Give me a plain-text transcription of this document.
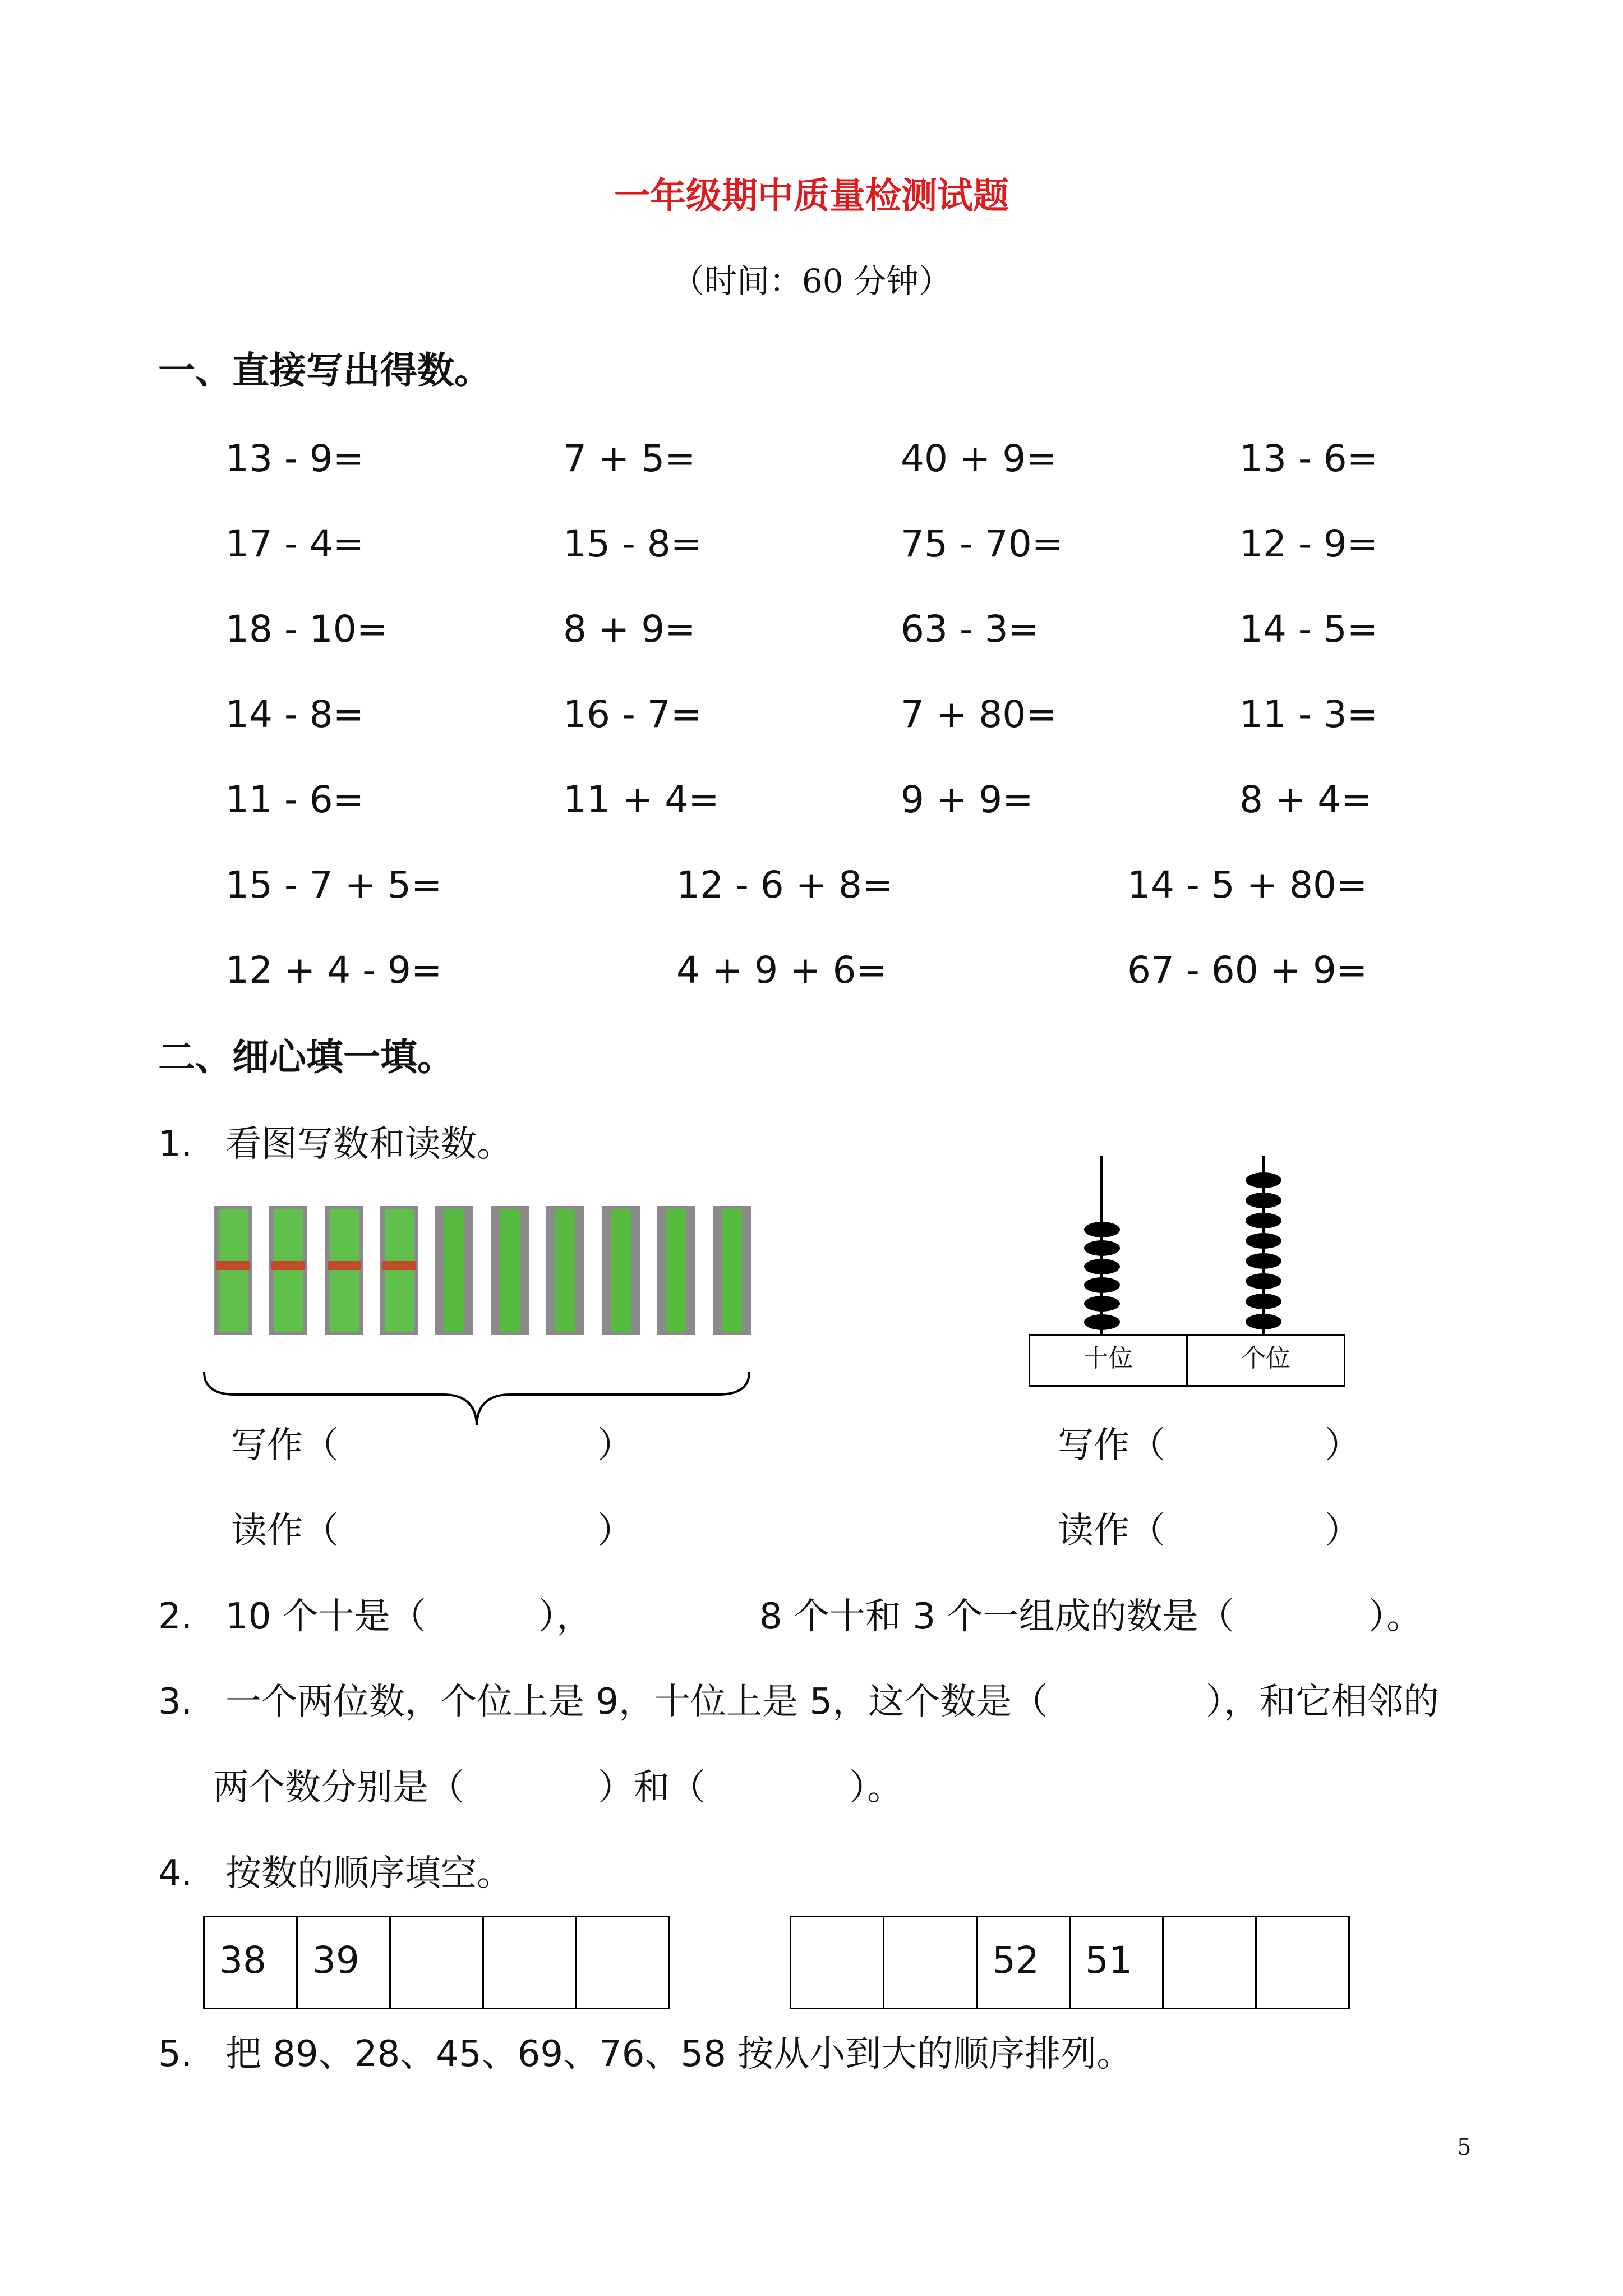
一年级期中质量检测试题
（时间：60 分钟）
一、直接写出得数。
13 - 9=	7 + 5=	40 + 9=	13 - 6=
17 - 4=	15 - 8=	75 - 70=	12 - 9=
18 - 10=	8 + 9=	63 - 3=	14 - 5=
14 - 8=	16 - 7=	7 + 80=	11 - 3=
11 - 6=	11 + 4=	9 + 9=	8 + 4=
15 - 7 + 5=	12 - 6 + 8=	14 - 5 + 80=
12 + 4 - 9=	4 + 9 + 6=	67 - 60 + 9=
二、细心填一填。
1. 看图写数和读数。
十位	个位
写作（	）
读作（	）
写作（	）
读作（	）
2. 10 个十是（	），	8 个十和 3 个一组成的数是（	）。
3. 一个两位数，个位上是 9，十位上是 5，这个数是（	），和它相邻的
两个数分别是（	）和（	）。
4. 按数的顺序填空。
38 39	52 51
5. 把 89、28、45、69、76、58 按从小到大的顺序排列。
5
